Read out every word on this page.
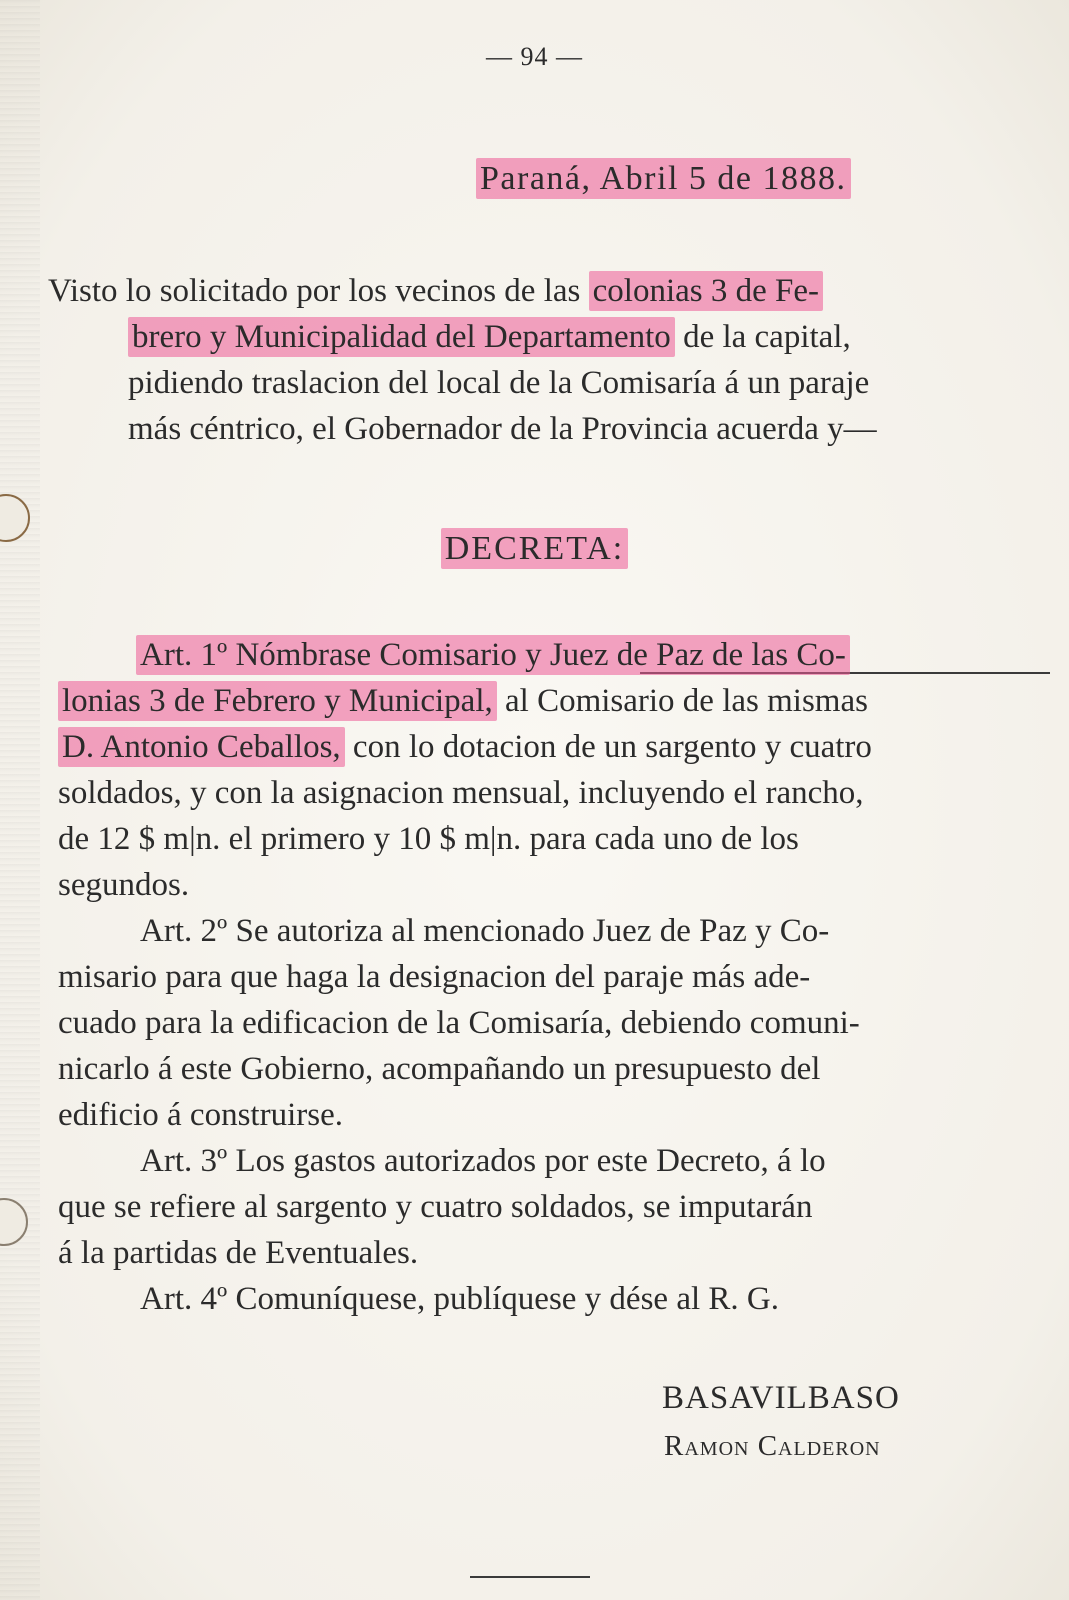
— 94 —
Paraná, Abril 5 de 1888.
Visto lo solicitado por los vecinos de las colonias 3 de Fe-
brero y Municipalidad del Departamento de la capital,
pidiendo traslacion del local de la Comisaría á un paraje
más céntrico, el Gobernador de la Provincia acuerda y—
DECRETA:
Art. 1º Nómbrase Comisario y Juez de Paz de las Co-
lonias 3 de Febrero y Municipal, al Comisario de las mismas
D. Antonio Ceballos, con lo dotacion de un sargento y cuatro
soldados, y con la asignacion mensual, incluyendo el rancho,
de 12 $ m|n. el primero y 10 $ m|n. para cada uno de los
segundos.
Art. 2º Se autoriza al mencionado Juez de Paz y Co-
misario para que haga la designacion del paraje más ade-
cuado para la edificacion de la Comisaría, debiendo comuni-
nicarlo á este Gobierno, acompañando un presupuesto del
edificio á construirse.
Art. 3º Los gastos autorizados por este Decreto, á lo
que se refiere al sargento y cuatro soldados, se imputarán
á la partidas de Eventuales.
Art. 4º Comuníquese, publíquese y dése al R. G.
BASAVILBASO
Ramon Calderon
